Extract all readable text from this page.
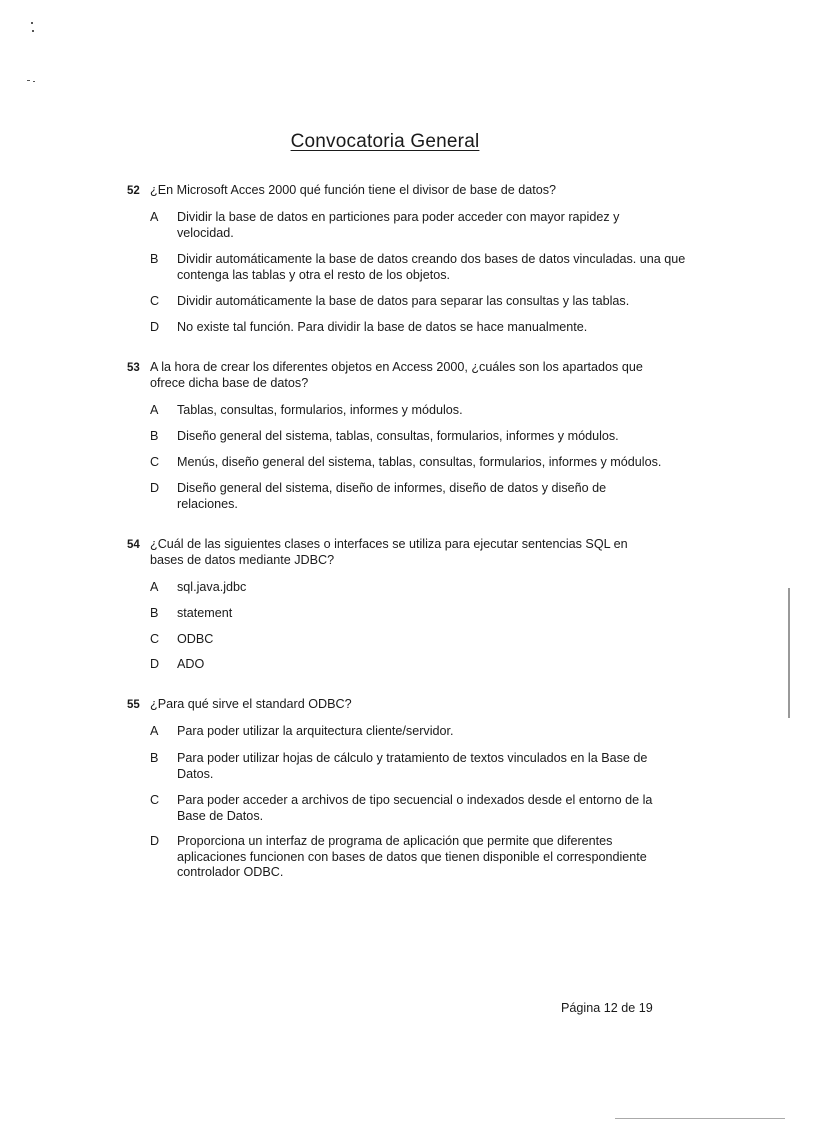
Convocatoria General
52 ¿En Microsoft Acces 2000 qué función tiene el divisor de base de datos?
A	Dividir la base de datos en particiones para poder acceder con mayor rapidez y velocidad.
B	Dividir automáticamente la base de datos creando dos bases de datos vinculadas. una que contenga las tablas y otra el resto de los objetos.
C	Dividir automáticamente la base de datos para separar las consultas y las tablas.
D	No existe tal función. Para dividir la base de datos se hace manualmente.
53 A la hora de crear los diferentes objetos en Access 2000, ¿cuáles son los apartados que ofrece dicha base de datos?
A	Tablas, consultas, formularios, informes y módulos.
B	Diseño general del sistema, tablas, consultas, formularios, informes y módulos.
C	Menús, diseño general del sistema, tablas, consultas, formularios, informes y módulos.
D	Diseño general del sistema, diseño de informes, diseño de datos y diseño de relaciones.
54 ¿Cuál de las siguientes clases o interfaces se utiliza para ejecutar sentencias SQL en bases de datos mediante JDBC?
A	sql.java.jdbc
B	statement
C	ODBC
D	ADO
55 ¿Para qué sirve el standard ODBC?
A	Para poder utilizar la arquitectura cliente/servidor.
B	Para poder utilizar hojas de cálculo y tratamiento de textos vinculados en la Base de Datos.
C	Para poder acceder a archivos de tipo secuencial o indexados desde el entorno de la Base de Datos.
D	Proporciona un interfaz de programa de aplicación que permite que diferentes aplicaciones funcionen con bases de datos que tienen disponible el correspondiente controlador ODBC.
Página 12 de 19
